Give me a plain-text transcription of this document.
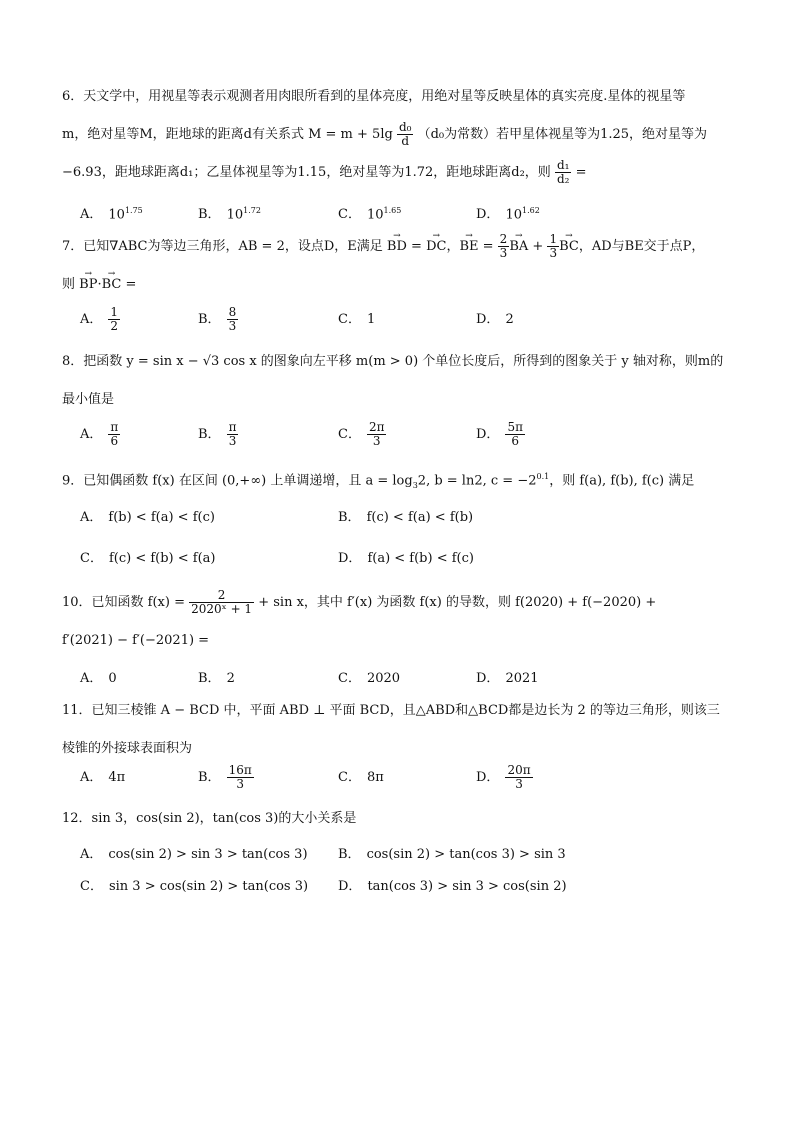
6．天文学中，用视星等表示观测者用肉眼所看到的星体亮度，用绝对星等反映星体的真实亮度.星体的视星等
m，绝对星等M，距地球的距离d有关系式 $M = m + 5\lg \frac{\text{d₀}}{d} (d_0$为常数）若甲星体视星等为1.25，绝对星等为
−6.93，距地球距离d₁；乙星体视星等为1.15，绝对星等为1.72，距地球距离d₂，则 $\frac{\text{d₁}}{\text{d₂}}$ =
A． $10^{1.75}$	B． $10^{1.72}$	C． $10^{1.65}$	D． $10^{1.62}$
7．已知∇ABC为等边三角形，AB = 2，设点D，E满足 → BD = → DC，→ BE = $\frac{2}{3}$ → BA + $\frac{1}{3}$ → BC，AD与BE交于点P，
则 → BP·→ BC =
A． $\frac{1}{2}$	B． $\frac{8}{3}$	C． 1	D． 2
8．把函数 y = sin x − √3 cos x 的图象向左平移 m(m > 0) 个单位长度后，所得到的图象关于 y 轴对称，则m的
最小值是
A． $\frac{\pi}{6}$	B． $\frac{\pi}{3}$	C． $\frac{2\pi}{3}$	D． $\frac{5\pi}{6}$
9．已知偶函数 f(x) 在区间 (0,+∞) 上单调递增，且 $a = \log_32$, b = ln2, $c = -2^{0.1}$，则 f(a), f(b), f(c) 满足
A． f(b) < f(a) < f(c)	B． f(c) < f(a) < f(b)
C． f(c) < f(b) < f(a)	D． f(a) < f(b) < f(c)
10．已知函数 $f(x) = \frac{2}{\text{2020ˣ + 1}} + \sin x$，其中 f′(x) 为函数 f(x) 的导数，则 f(2020) + f(−2020) +
f′(2021) − f′(−2021) =
A． 0	B． 2	C． 2020	D． 2021
11．已知三棱锥 A − BCD 中，平面 ABD ⊥ 平面 BCD，且△ABD和△BCD都是边长为 2 的等边三角形，则该三
棱锥的外接球表面积为
A． 4π	B． $\frac{16\pi}{3}$	C． 8π	D． $\frac{20\pi}{3}$
12．sin 3，cos(sin 2)，tan(cos 3)的大小关系是
A． cos(sin 2) > sin 3 > tan(cos 3) B． cos(sin 2) > tan(cos 3) > sin 3
C． sin 3 > cos(sin 2) > tan(cos 3) D． tan(cos 3) > sin 3 > cos(sin 2)
